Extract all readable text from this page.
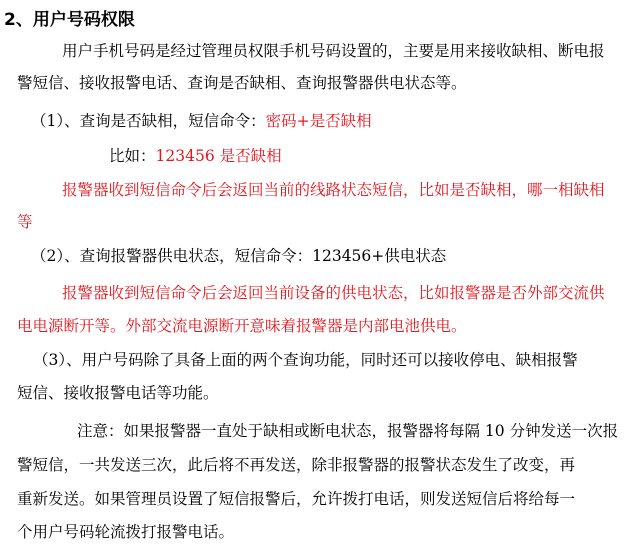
2、用户号码权限
用户手机号码是经过管理员权限手机号码设置的，主要是用来接收缺相、断电报
警短信、接收报警电话、查询是否缺相、查询报警器供电状态等。
（1）、查询是否缺相，短信命令：密码+是否缺相
比如：123456 是否缺相
报警器收到短信命令后会返回当前的线路状态短信，比如是否缺相，哪一相缺相
等
（2）、查询报警器供电状态，短信命令：123456+供电状态
报警器收到短信命令后会返回当前设备的供电状态，比如报警器是否外部交流供
电电源断开等。外部交流电源断开意味着报警器是内部电池供电。
（3）、用户号码除了具备上面的两个查询功能，同时还可以接收停电、缺相报警
短信、接收报警电话等功能。
注意：如果报警器一直处于缺相或断电状态，报警器将每隔 10 分钟发送一次报
警短信，一共发送三次，此后将不再发送，除非报警器的报警状态发生了改变，再
重新发送。如果管理员设置了短信报警后，允许拨打电话，则发送短信后将给每一
个用户号码轮流拨打报警电话。
